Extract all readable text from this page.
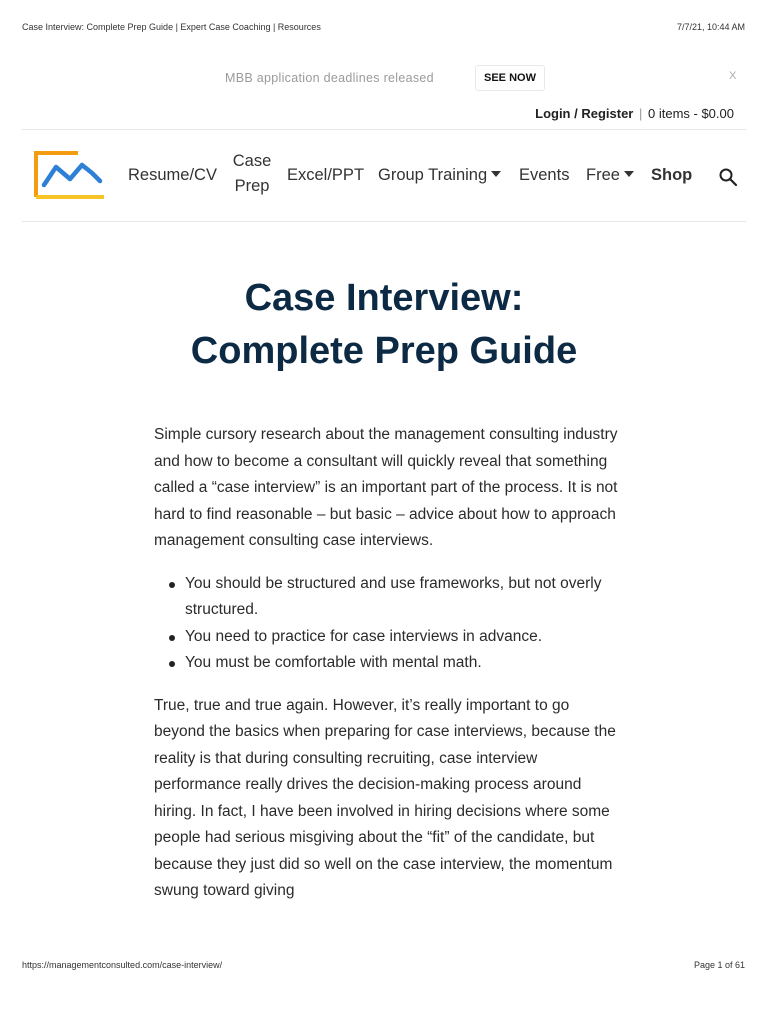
Case Interview: Complete Prep Guide | Expert Case Coaching | Resources	7/7/21, 10:44 AM
MBB application deadlines released	SEE NOW	X
Login / Register | 0 items - $0.00
Resume/CV
Case
Prep
Excel/PPT Group Training	Events Free	Shop
Case Interview:
Complete Prep Guide

Simple cursory research about the management consulting industry and how to become a consultant will quickly reveal that something called a “case interview” is an important part of the process. It is not hard to find reasonable – but basic – advice about how to approach management consulting case interviews.

You should be structured and use frameworks, but not overly structured.
You need to practice for case interviews in advance.
You must be comfortable with mental math.

True, true and true again. However, it’s really important to go beyond the basics when preparing for case interviews, because the reality is that during consulting recruiting, case interview performance really drives the decision-making process around hiring. In fact, I have been involved in hiring decisions where some people had serious misgiving about the “fit” of the candidate, but because they just did so well on the case interview, the momentum swung toward giving

https://managementconsulted.com/case-interview/	Page 1 of 61
